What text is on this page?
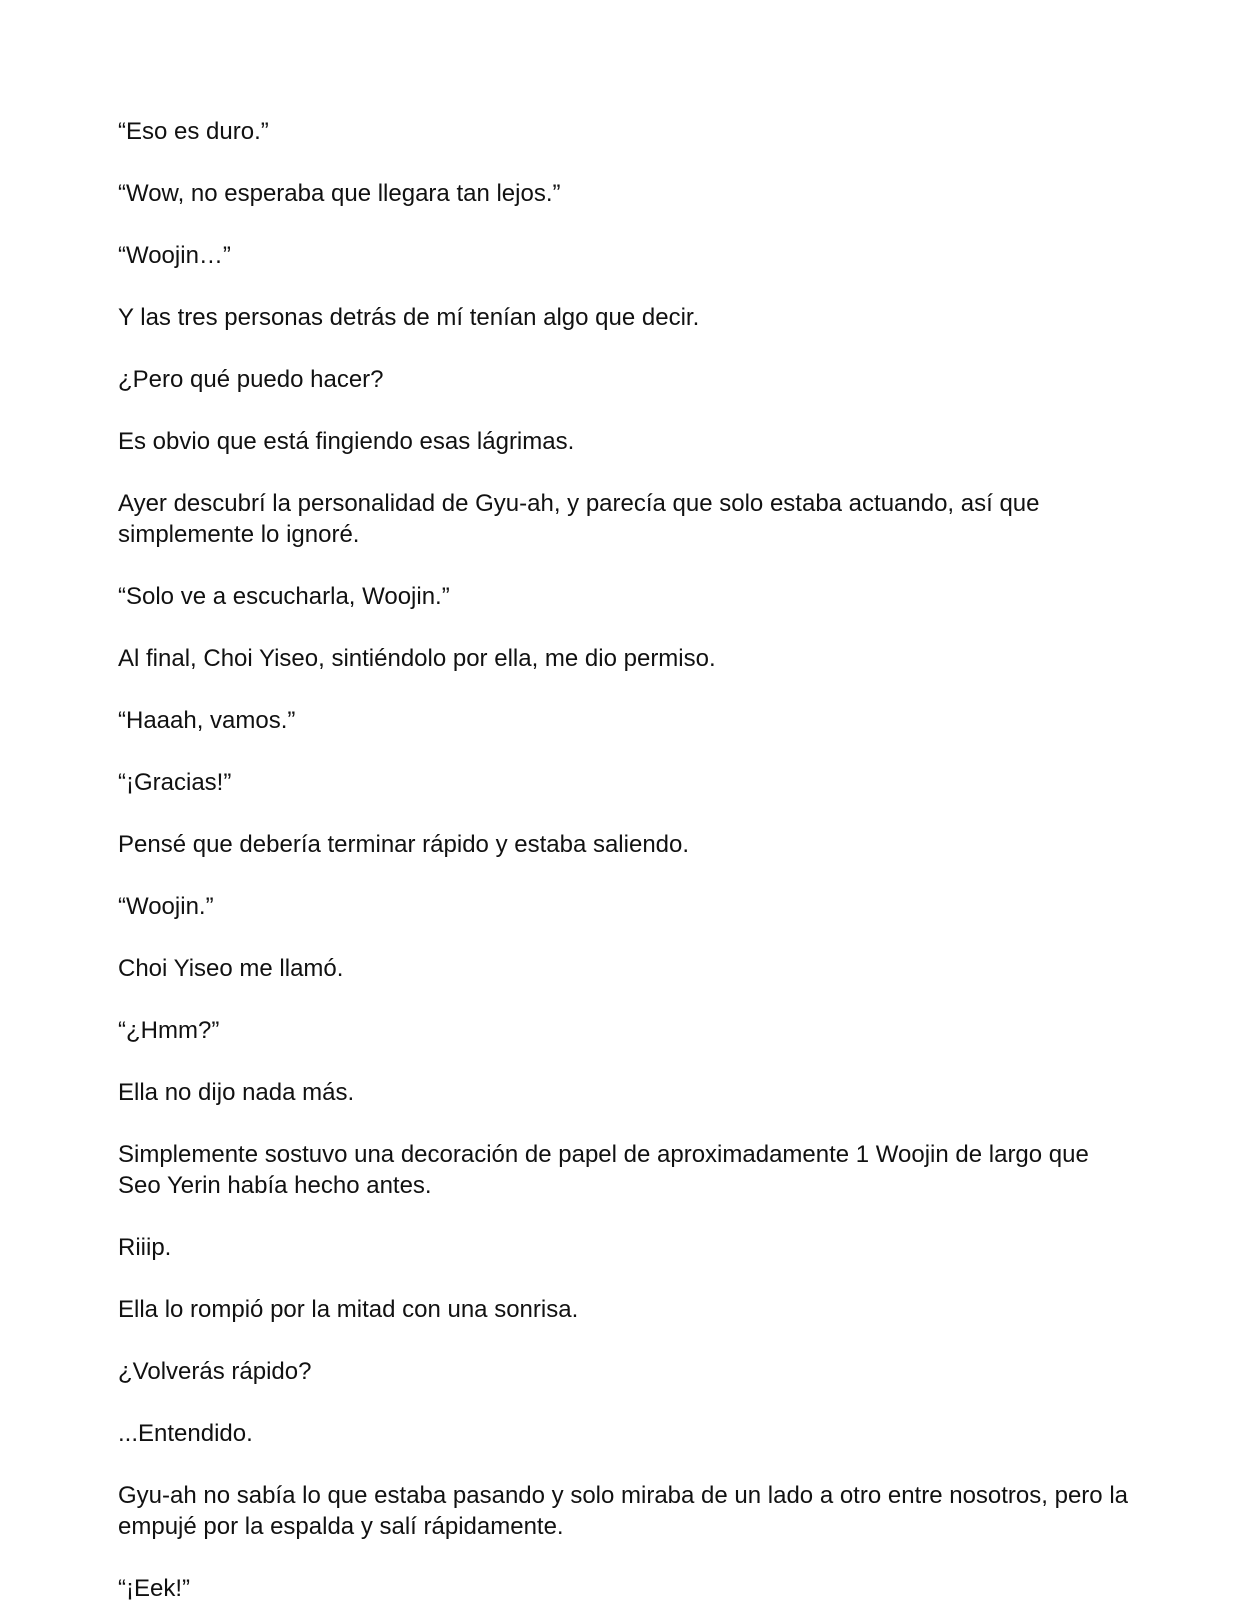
“Eso es duro.”

“Wow, no esperaba que llegara tan lejos.”

“Woojin…”

Y las tres personas detrás de mí tenían algo que decir.

¿Pero qué puedo hacer?

Es obvio que está fingiendo esas lágrimas.

Ayer descubrí la personalidad de Gyu-ah, y parecía que solo estaba actuando, así que simplemente lo ignoré.

“Solo ve a escucharla, Woojin.”

Al final, Choi Yiseo, sintiéndolo por ella, me dio permiso.

“Haaah, vamos.”

“¡Gracias!”

Pensé que debería terminar rápido y estaba saliendo.

“Woojin.”

Choi Yiseo me llamó.

“¿Hmm?”

Ella no dijo nada más.

Simplemente sostuvo una decoración de papel de aproximadamente 1 Woojin de largo que Seo Yerin había hecho antes.

Riiip.

Ella lo rompió por la mitad con una sonrisa.

¿Volverás rápido?

...Entendido.

Gyu-ah no sabía lo que estaba pasando y solo miraba de un lado a otro entre nosotros, pero la empujé por la espalda y salí rápidamente.

“¡Eek!”
